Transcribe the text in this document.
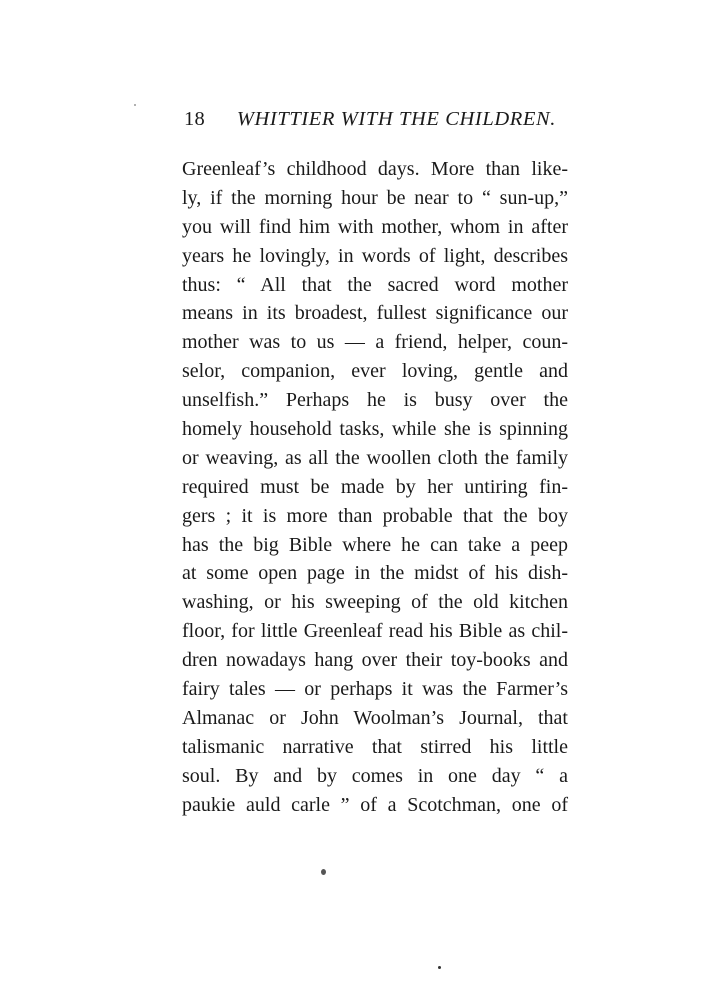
18 WHITTIER WITH THE CHILDREN.
Greenleaf’s childhood days. More than like-
ly, if the morning hour be near to “ sun-up,”
you will find him with mother, whom in after
years he lovingly, in words of light, describes
thus: “ All that the sacred word mother
means in its broadest, fullest significance our
mother was to us — a friend, helper, coun-
selor, companion, ever loving, gentle and
unselfish.” Perhaps he is busy over the
homely household tasks, while she is spinning
or weaving, as all the woollen cloth the family
required must be made by her untiring fin-
gers ; it is more than probable that the boy
has the big Bible where he can take a peep
at some open page in the midst of his dish-
washing, or his sweeping of the old kitchen
floor, for little Greenleaf read his Bible as chil-
dren nowadays hang over their toy-books and
fairy tales — or perhaps it was the Farmer’s
Almanac or John Woolman’s Journal, that
talismanic narrative that stirred his little
soul. By and by comes in one day “ a
paukie auld carle ” of a Scotchman, one of
